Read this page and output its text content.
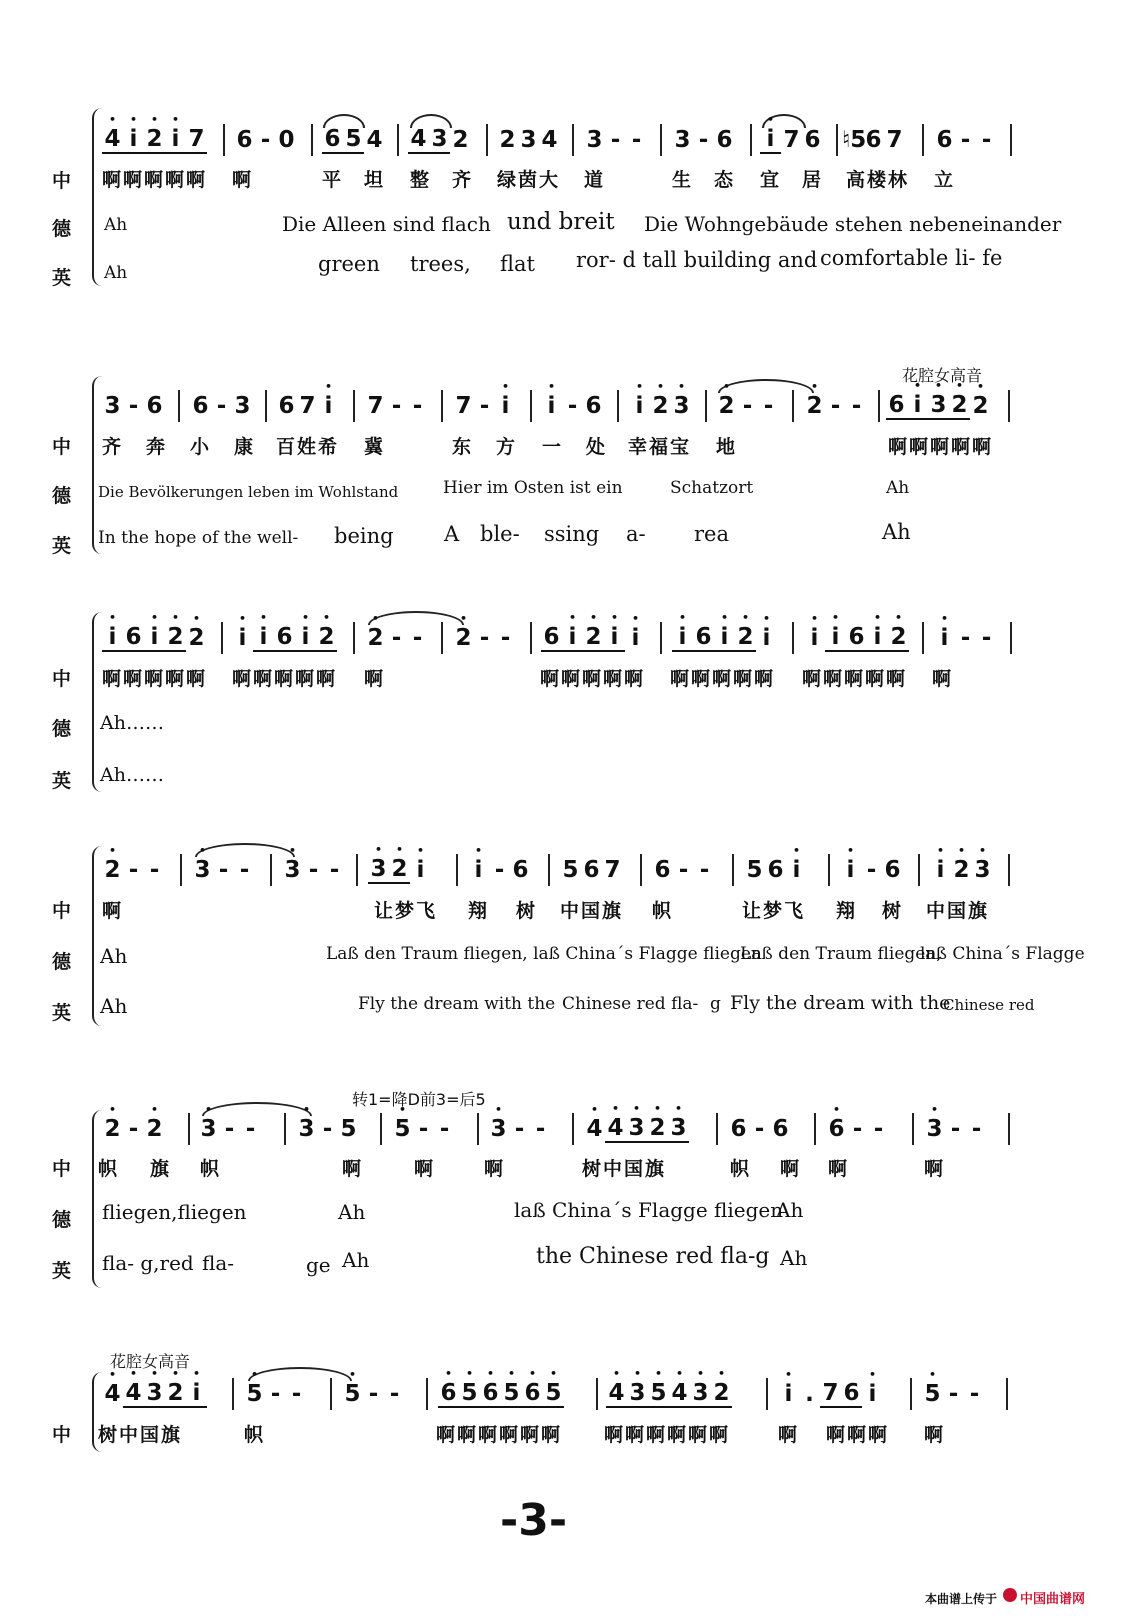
中
德
英
• 4 • i • 2 • i 7 6 - 0 6 5 4 4 3 2 2 3 4 3 - - 3 - 6 • i 7 6 ♮5 6 7 6 - -
啊啊啊啊啊 啊	平 坦 整 齐 绿茵大 道	生 态 宜 居 高楼林 立
Ah	Die Alleen sind flach und breit Die Wohngebäude stehen nebeneinander
Ah	green trees, flat ror- d tall building and comfortable li- fe
花腔女高音
中
德
英
3 - 6 6 - 3 6 7 • i 7 - - 7 - • i • i - 6 • i • 2 • 3 • 2 - - • 2 - - 6 • i • 3 • 2 • 2
齐 奔 小 康 百姓希 冀	东 方 一 处 幸福宝 地	啊啊啊啊啊
Die Bevölkerungen leben im Wohlstand	Hier im Osten ist ein	Schatzort	Ah
In the hope of the well- being A ble- ssing a- rea	Ah
中
德
英
• i 6 • i • 2 • 2 • i • i 6 • i • 2 • 2 - - • 2 - - 6 • i • 2 • i • i • i 6 • i • 2 • i • i • i 6 • i • 2 • i - -
啊啊啊啊啊 啊啊啊啊啊 啊	啊啊啊啊啊 啊啊啊啊啊 啊啊啊啊啊 啊
Ah……
Ah……
中
德
英
• 2 - - • 3 - - • 3 - - • 3 • 2 • i • i - 6 5 6 7 6 - - 5 6 • i • i - 6 • i • 2 • 3
啊	让梦飞 翔 树 中国旗 帜	让梦飞 翔 树 中国旗
Ah	Laß den Traum fliegen, laß China´s Flagge fliegen
Laß den Traum fliegen,
laß China´s Flagge
Ah	Fly the dream with the Chinese red fla- g Fly the dream with the
Chinese red
转1=降D前3=后5
中
德
英
• 2 - • 2 • 3 - - • 3 - 5 • 5 - - • 3 - - • 4 • 4 • 3 • 2 • 3 6 - 6 • 6 - - • 3 - -
帜 旗 帜	啊	啊	啊	树中国旗	帜 啊 啊	啊
fliegen,fliegen	Ah	laß China´s Flagge fliegen
Ah
fla- g,red fla-	ge Ah	the Chinese red fla-g Ah
花腔女高音
中
• 4 • 4 • 3 • 2 • i • 5 - - • 5 - - • 6 • 5 • 6 • 5 • 6 • 5 • 4 • 3 • 5 • 4 • 3 • 2 • i . 7 6 • i • 5 - -
树中国旗	帜	啊啊啊啊啊啊 啊啊啊啊啊啊	啊 啊啊啊 啊
-3-
本曲谱上传于 中国曲谱网
